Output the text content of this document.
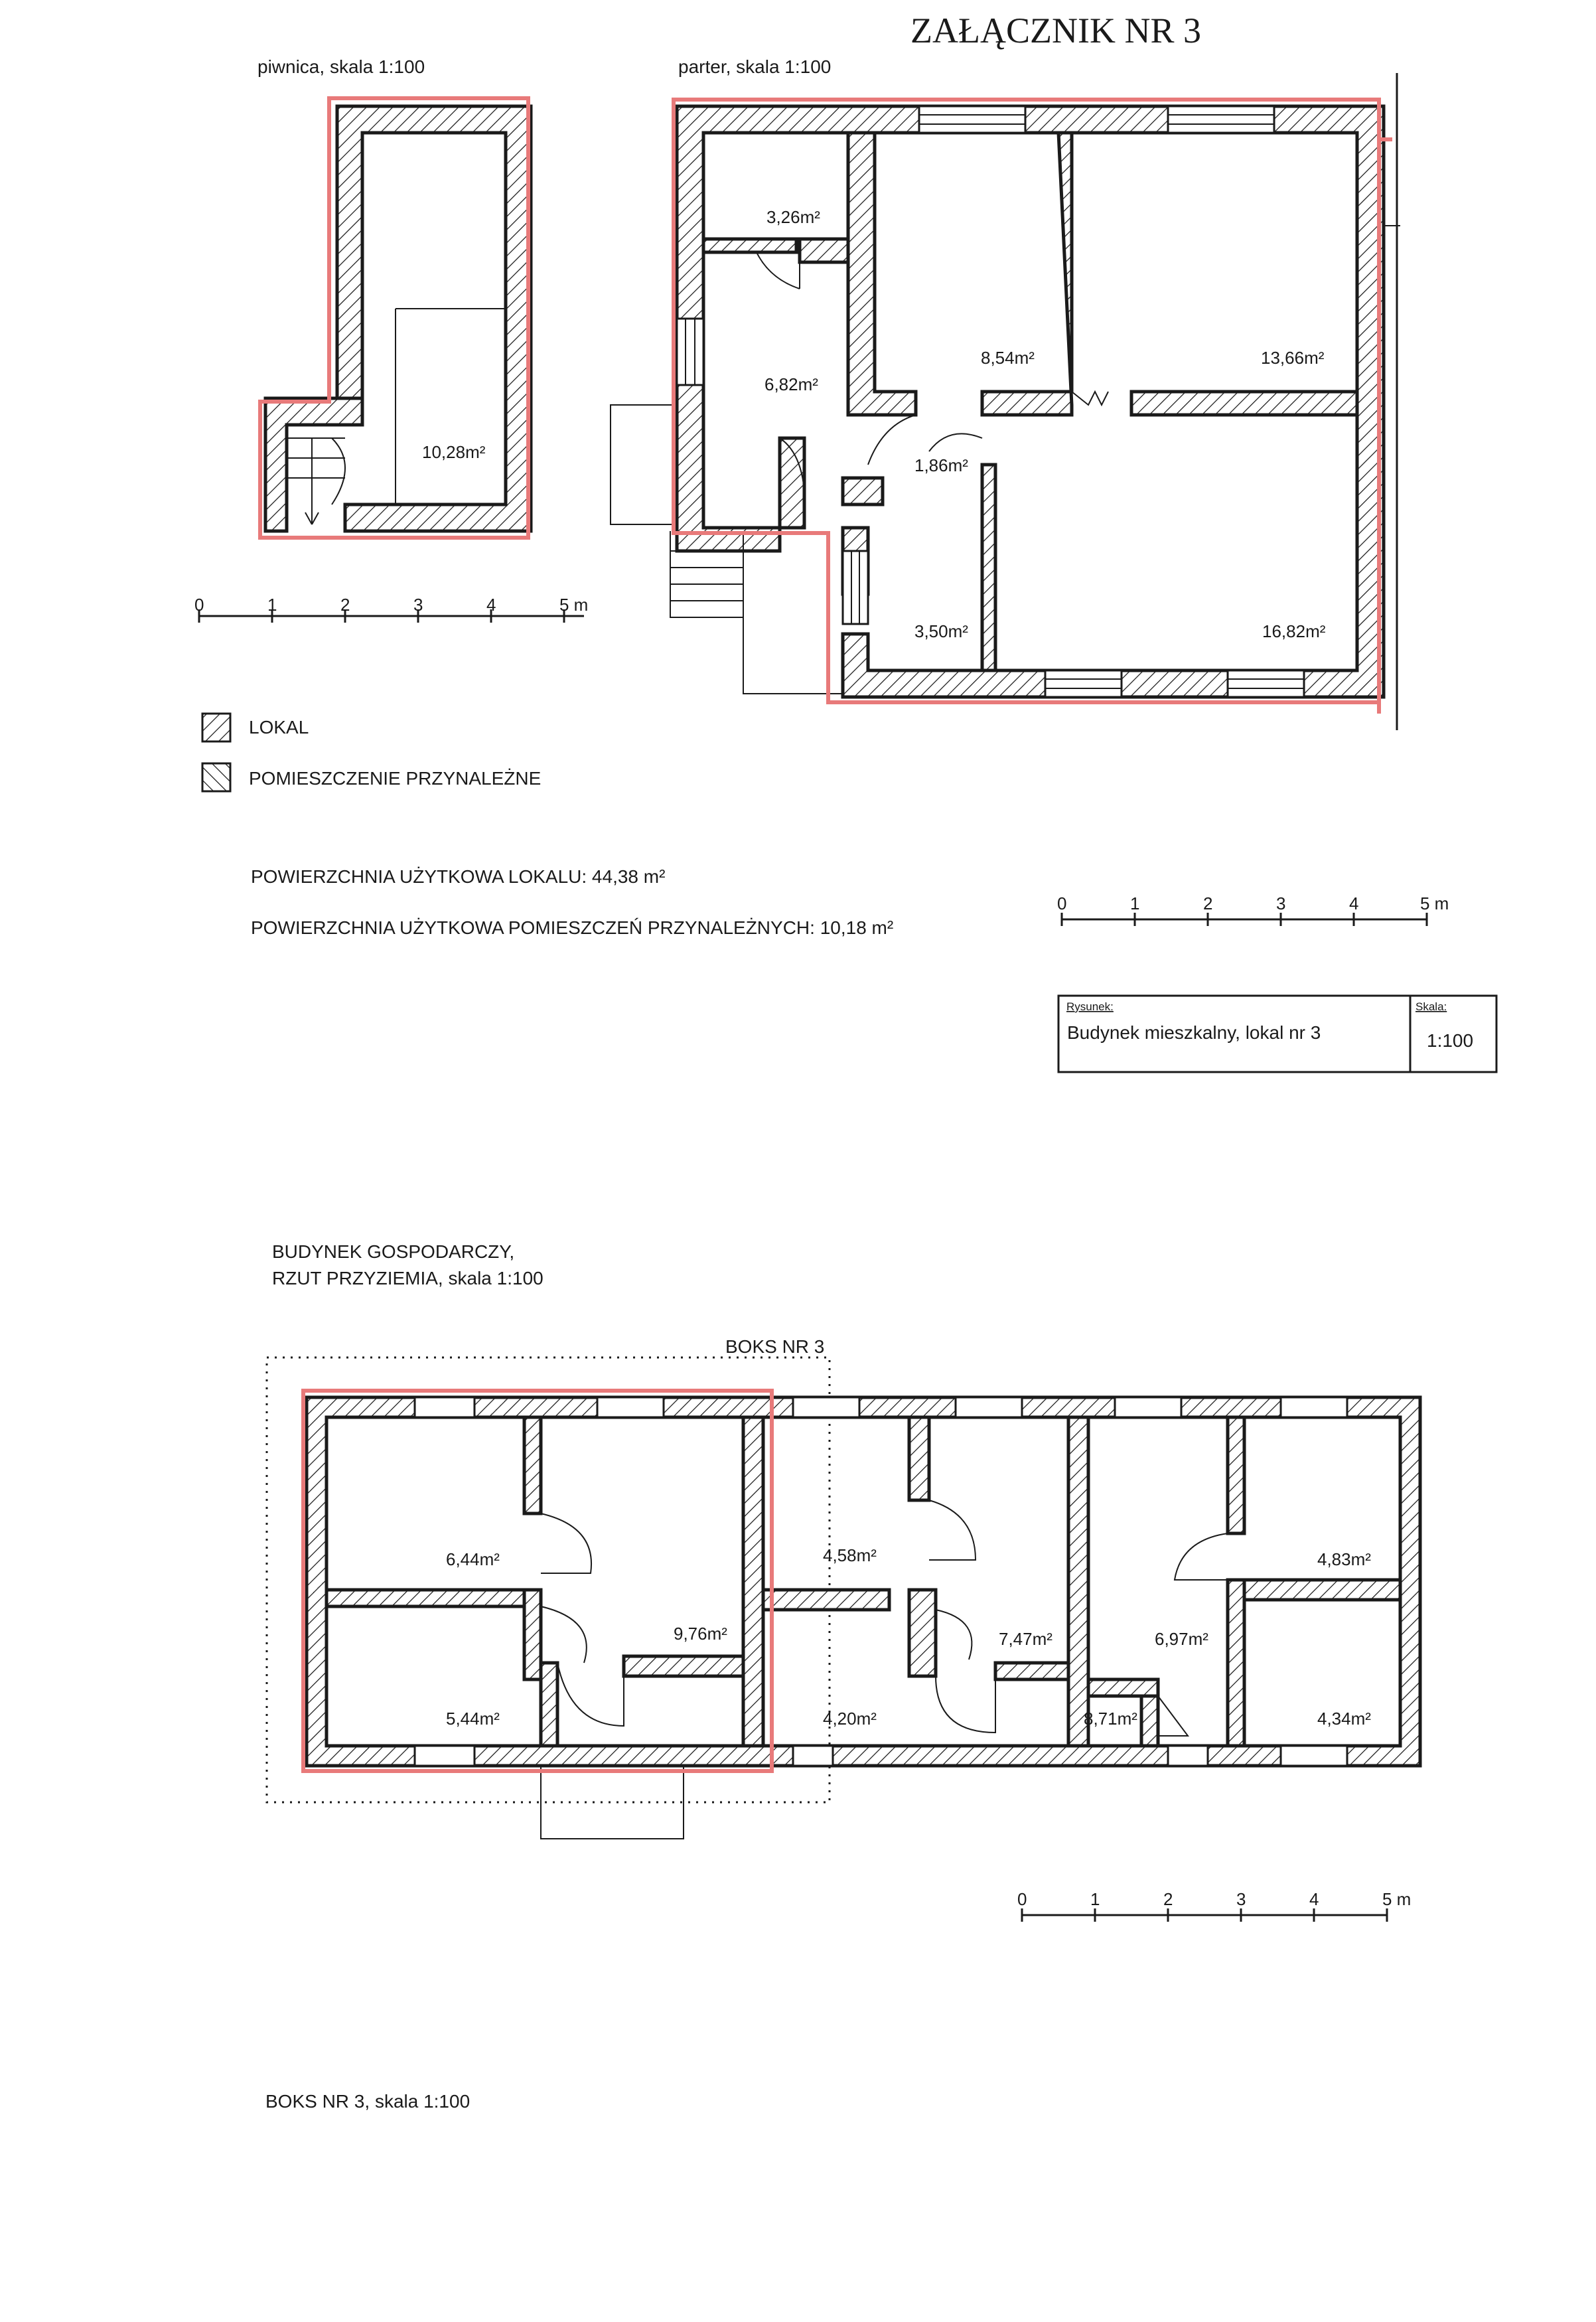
ZAŁĄCZNIK NR 3
piwnica, skala 1:100
10,28m²
parter, skala 1:100
3,26m²
6,82m²
8,54m²	13,66m²
1,86m²
3,50m²	16,82m²
0	1	2	3	4	5 m
LOKAL
POMIESZCZENIE PRZYNALEŻNE
POWIERZCHNIA UŻYTKOWA LOKALU: 44,38 m²
POWIERZCHNIA UŻYTKOWA POMIESZCZEŃ PRZYNALEŻNYCH: 10,18 m²
0	1	2	3	4	5 m
Rysunek:
Budynek mieszkalny, lokal nr 3
Skala:
1:100
BUDYNEK GOSPODARCZY,
RZUT PRZYZIEMIA, skala 1:100
BOKS NR 3
6,44m²
5,44m²
9,76m²
4,58m²
4,20m²
7,47m²	6,97m²
8,71m²
4,83m²
4,34m²
0	1	2	3	4	5 m
BOKS NR 3, skala 1:100
